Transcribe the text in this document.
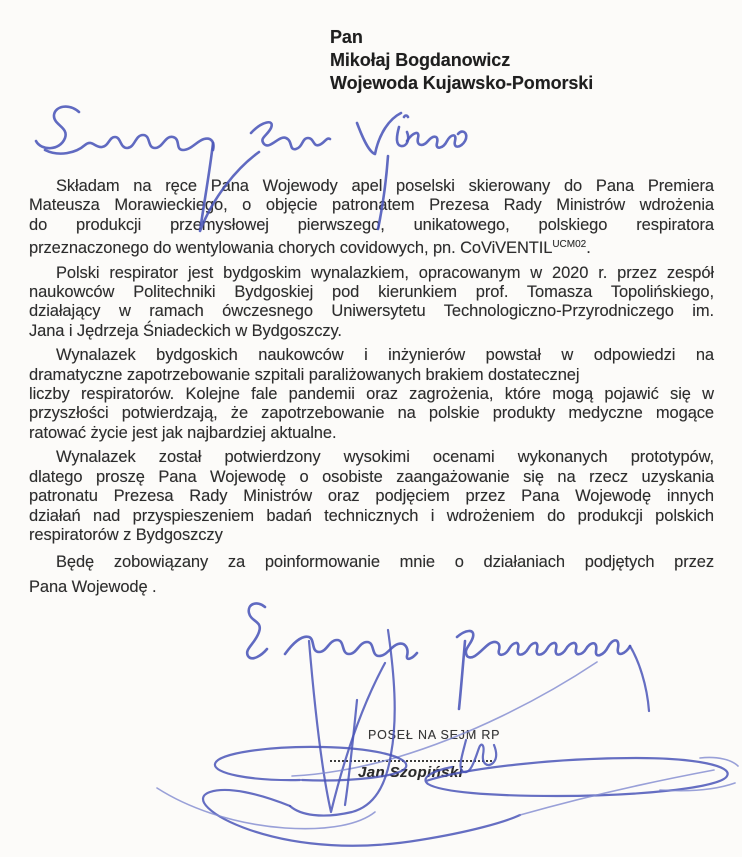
Pan
Mikołaj Bogdanowicz
Wojewoda Kujawsko-Pomorski
Składam na ręce Pana Wojewody apel poselski skierowany do Pana Premiera
Mateusza Morawieckiego, o objęcie patronatem Prezesa Rady Ministrów wdrożenia
do produkcji przemysłowej pierwszego, unikatowego, polskiego respiratora
przeznaczonego do wentylowania chorych covidowych, pn. CoViVENTIL$^{UCM02}$.
Polski respirator jest bydgoskim wynalazkiem, opracowanym w 2020 r. przez zespół
naukowców Politechniki Bydgoskiej pod kierunkiem prof. Tomasza Topolińskiego,
działający w ramach ówczesnego Uniwersytetu Technologiczno-Przyrodniczego im.
Jana i Jędrzeja Śniadeckich w Bydgoszczy.
Wynalazek bydgoskich naukowców i inżynierów powstał w odpowiedzi na
dramatyczne zapotrzebowanie szpitali paraliżowanych brakiem dostatecznej
liczby respiratorów. Kolejne fale pandemii oraz zagrożenia, które mogą pojawić się w
przyszłości potwierdzają, że zapotrzebowanie na polskie produkty medyczne mogące
ratować życie jest jak najbardziej aktualne.
Wynalazek został potwierdzony wysokimi ocenami wykonanych prototypów,
dlatego proszę Pana Wojewodę o osobiste zaangażowanie się na rzecz uzyskania
patronatu Prezesa Rady Ministrów oraz podjęciem przez Pana Wojewodę innych
działań nad przyspieszeniem badań technicznych i wdrożeniem do produkcji polskich
respiratorów z Bydgoszczy
Będę zobowiązany za poinformowanie mnie o działaniach podjętych przez
Pana Wojewodę .
POSEŁ NA SEJM RP
Jan Szopiński
